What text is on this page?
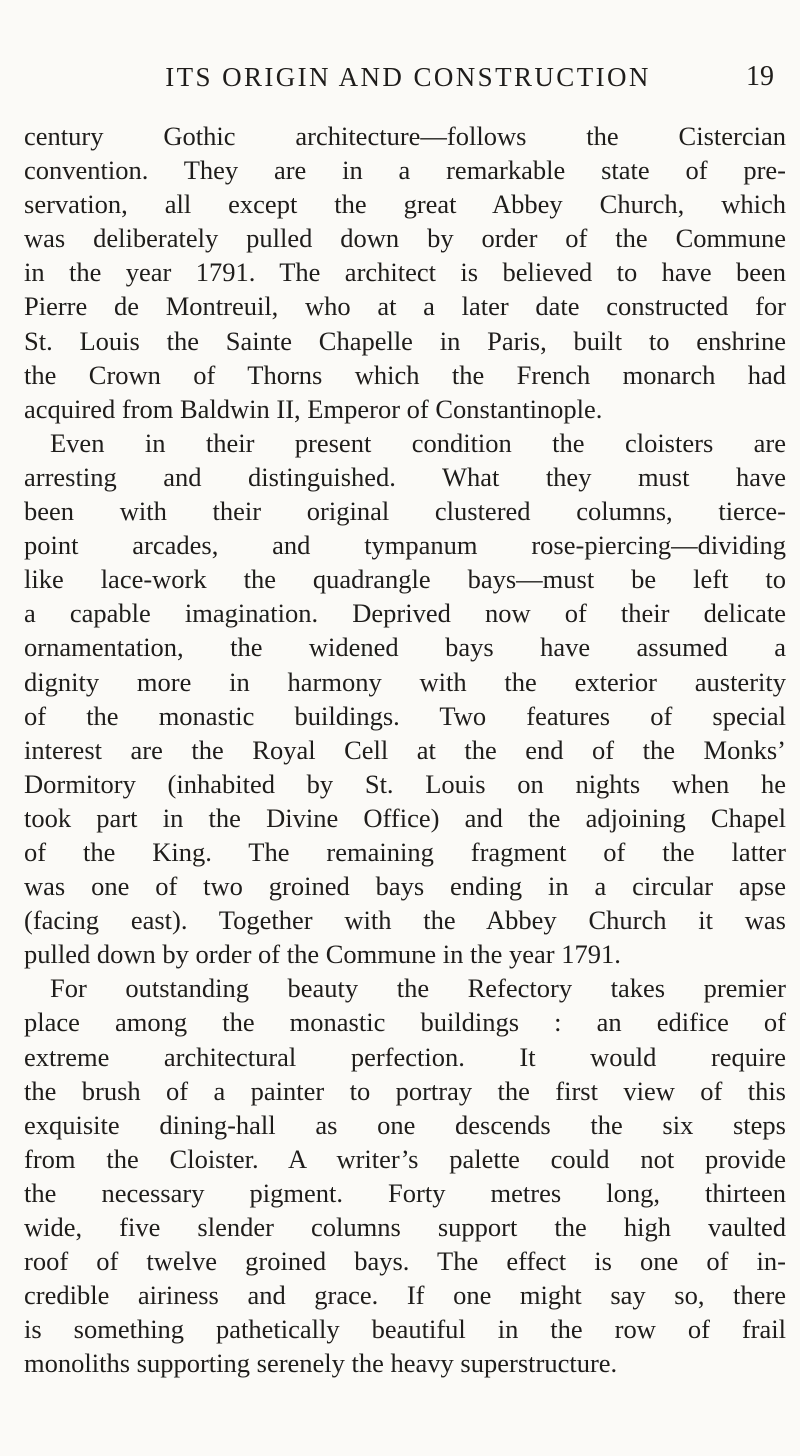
ITS ORIGIN AND CONSTRUCTION	19
century Gothic architecture—follows the Cistercian
convention. They are in a remarkable state of pre-
servation, all except the great Abbey Church, which
was deliberately pulled down by order of the Commune
in the year 1791. The architect is believed to have been
Pierre de Montreuil, who at a later date constructed for
St. Louis the Sainte Chapelle in Paris, built to enshrine
the Crown of Thorns which the French monarch had
acquired from Baldwin II, Emperor of Constantinople.
Even in their present condition the cloisters are
arresting and distinguished. What they must have
been with their original clustered columns, tierce-
point arcades, and tympanum rose-piercing—dividing
like lace-work the quadrangle bays—must be left to
a capable imagination. Deprived now of their delicate
ornamentation, the widened bays have assumed a
dignity more in harmony with the exterior austerity
of the monastic buildings. Two features of special
interest are the Royal Cell at the end of the Monks’
Dormitory (inhabited by St. Louis on nights when he
took part in the Divine Office) and the adjoining Chapel
of the King. The remaining fragment of the latter
was one of two groined bays ending in a circular apse
(facing east). Together with the Abbey Church it was
pulled down by order of the Commune in the year 1791.
For outstanding beauty the Refectory takes premier
place among the monastic buildings : an edifice of
extreme architectural perfection. It would require
the brush of a painter to portray the first view of this
exquisite dining-hall as one descends the six steps
from the Cloister. A writer’s palette could not provide
the necessary pigment. Forty metres long, thirteen
wide, five slender columns support the high vaulted
roof of twelve groined bays. The effect is one of in-
credible airiness and grace. If one might say so, there
is something pathetically beautiful in the row of frail
monoliths supporting serenely the heavy superstructure.
